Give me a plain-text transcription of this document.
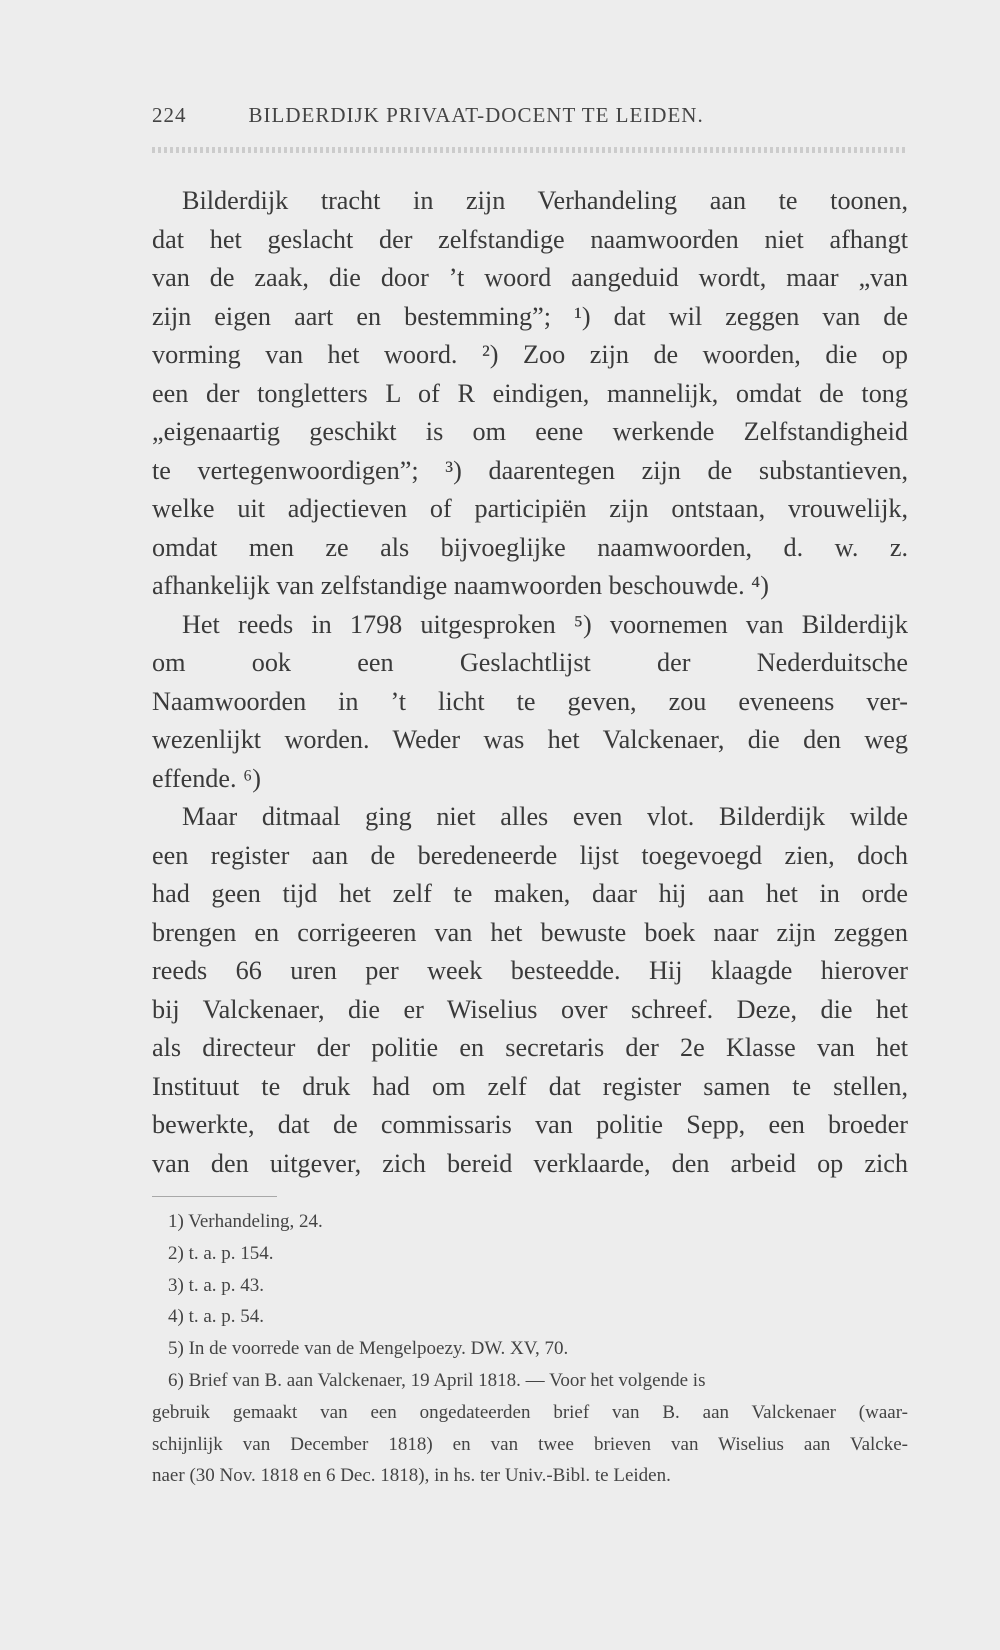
224	BILDERDIJK PRIVAAT-DOCENT TE LEIDEN.
Bilderdijk tracht in zijn Verhandeling aan te toonen,
dat het geslacht der zelfstandige naamwoorden niet afhangt
van de zaak, die door ’t woord aangeduid wordt, maar „van
zijn eigen aart en bestemming”; ¹) dat wil zeggen van de
vorming van het woord. ²) Zoo zijn de woorden, die op
een der tongletters L of R eindigen, mannelijk, omdat de tong
„eigenaartig geschikt is om eene werkende Zelfstandigheid
te vertegenwoordigen”; ³) daarentegen zijn de substantieven,
welke uit adjectieven of participiën zijn ontstaan, vrouwelijk,
omdat men ze als bijvoeglijke naamwoorden, d. w. z.
afhankelijk van zelfstandige naamwoorden beschouwde. ⁴)
Het reeds in 1798 uitgesproken ⁵) voornemen van Bilderdijk
om ook een Geslachtlijst der Nederduitsche
Naamwoorden in ’t licht te geven, zou eveneens ver-
wezenlijkt worden. Weder was het Valckenaer, die den weg
effende. ⁶)
Maar ditmaal ging niet alles even vlot. Bilderdijk wilde
een register aan de beredeneerde lijst toegevoegd zien, doch
had geen tijd het zelf te maken, daar hij aan het in orde
brengen en corrigeeren van het bewuste boek naar zijn zeggen
reeds 66 uren per week besteedde. Hij klaagde hierover
bij Valckenaer, die er Wiselius over schreef. Deze, die het
als directeur der politie en secretaris der 2e Klasse van het
Instituut te druk had om zelf dat register samen te stellen,
bewerkte, dat de commissaris van politie Sepp, een broeder
van den uitgever, zich bereid verklaarde, den arbeid op zich
1) Verhandeling, 24.
2) t. a. p. 154.
3) t. a. p. 43.
4) t. a. p. 54.
5) In de voorrede van de Mengelpoezy. DW. XV, 70.
6) Brief van B. aan Valckenaer, 19 April 1818. — Voor het volgende is
gebruik gemaakt van een ongedateerden brief van B. aan Valckenaer (waar-
schijnlijk van December 1818) en van twee brieven van Wiselius aan Valcke-
naer (30 Nov. 1818 en 6 Dec. 1818), in hs. ter Univ.-Bibl. te Leiden.
